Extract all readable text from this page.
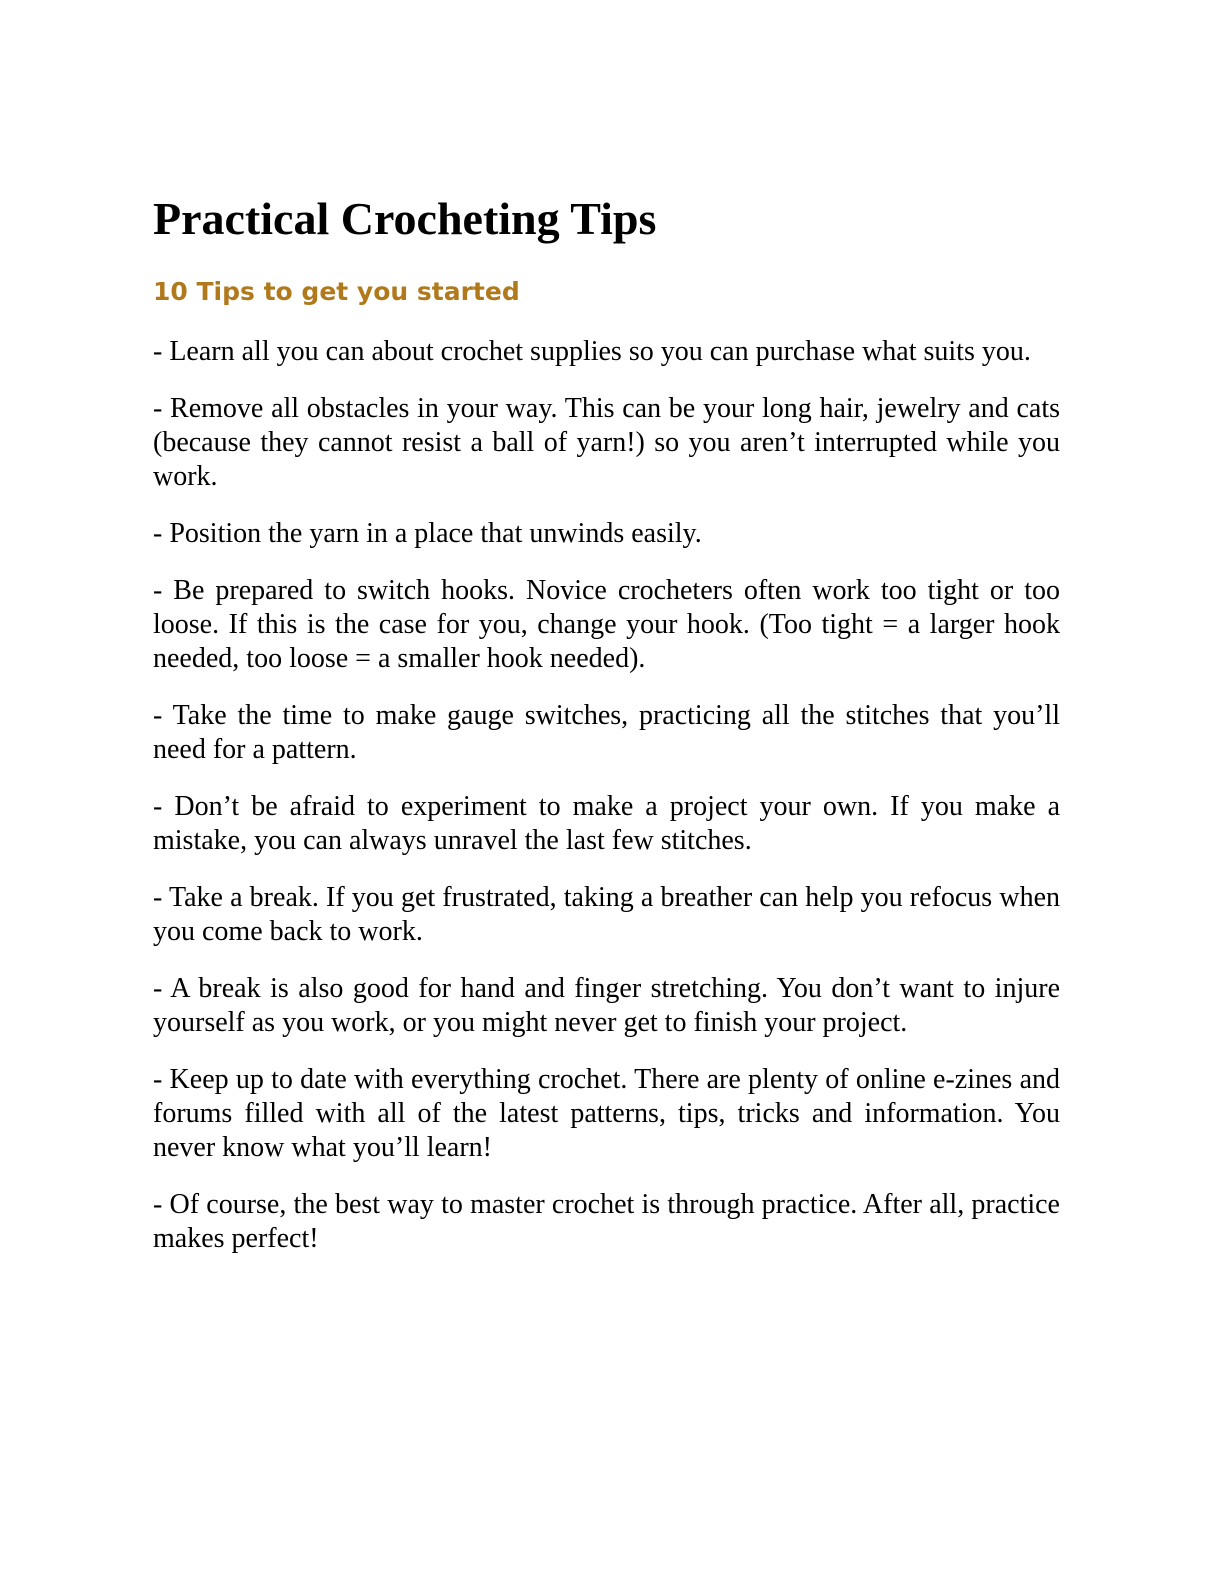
Practical Crocheting Tips
10 Tips to get you started

- Learn all you can about crochet supplies so you can purchase what suits you.

- Remove all obstacles in your way. This can be your long hair, jewelry and cats (because they cannot resist a ball of yarn!) so you aren’t interrupted while you work.

- Position the yarn in a place that unwinds easily.

- Be prepared to switch hooks. Novice crocheters often work too tight or too loose. If this is the case for you, change your hook. (Too tight = a larger hook needed, too loose = a smaller hook needed).

- Take the time to make gauge switches, practicing all the stitches that you’ll need for a pattern.

- Don’t be afraid to experiment to make a project your own. If you make a mistake, you can always unravel the last few stitches.

- Take a break. If you get frustrated, taking a breather can help you refocus when you come back to work.

- A break is also good for hand and finger stretching. You don’t want to injure yourself as you work, or you might never get to finish your project.

- Keep up to date with everything crochet. There are plenty of online e-zines and forums filled with all of the latest patterns, tips, tricks and information. You never know what you’ll learn!

- Of course, the best way to master crochet is through practice. After all, practice makes perfect!
